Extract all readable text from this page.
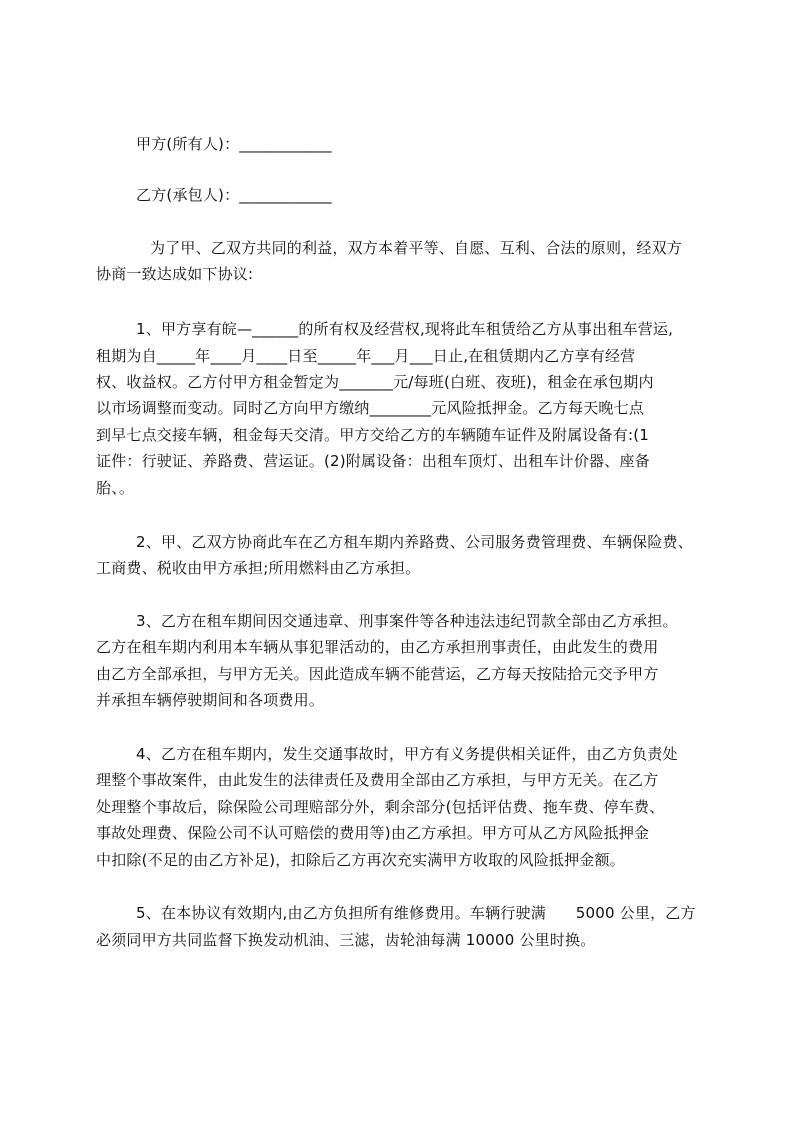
甲方(所有人)：____________
乙方(承包人)：____________
为了甲、乙双方共同的利益，双方本着平等、自愿、互利、合法的原则，经双方
协商一致达成如下协议:
1、甲方享有皖—______的所有权及经营权,现将此车租赁给乙方从事出租车营运,
租期为自_____年____月____日至_____年___月___日止,在租赁期内乙方享有经营
权、收益权。乙方付甲方租金暂定为_______元/每班(白班、夜班)，租金在承包期内
以市场调整而变动。同时乙方向甲方缴纳________元风险抵押金。乙方每天晚七点
到早七点交接车辆，租金每天交清。甲方交给乙方的车辆随车证件及附属设备有:(1
证件：行驶证、养路费、营运证。(2)附属设备：出租车顶灯、出租车计价器、座备
胎、。
2、甲、乙双方协商此车在乙方租车期内养路费、公司服务费管理费、车辆保险费、
工商费、税收由甲方承担;所用燃料由乙方承担。
3、乙方在租车期间因交通违章、刑事案件等各种违法违纪罚款全部由乙方承担。
乙方在租车期内利用本车辆从事犯罪活动的，由乙方承担刑事责任，由此发生的费用
由乙方全部承担，与甲方无关。因此造成车辆不能营运，乙方每天按陆拾元交予甲方
并承担车辆停驶期间和各项费用。
4、乙方在租车期内，发生交通事故时，甲方有义务提供相关证件，由乙方负责处
理整个事故案件，由此发生的法律责任及费用全部由乙方承担，与甲方无关。在乙方
处理整个事故后，除保险公司理赔部分外，剩余部分(包括评估费、拖车费、停车费、
事故处理费、保险公司不认可赔偿的费用等)由乙方承担。甲方可从乙方风险抵押金
中扣除(不足的由乙方补足)，扣除后乙方再次充实满甲方收取的风险抵押金额。
5、在本协议有效期内,由乙方负担所有维修费用。车辆行驶满      5000 公里，乙方
必须同甲方共同监督下换发动机油、三滤，齿轮油每满 10000 公里时换。
